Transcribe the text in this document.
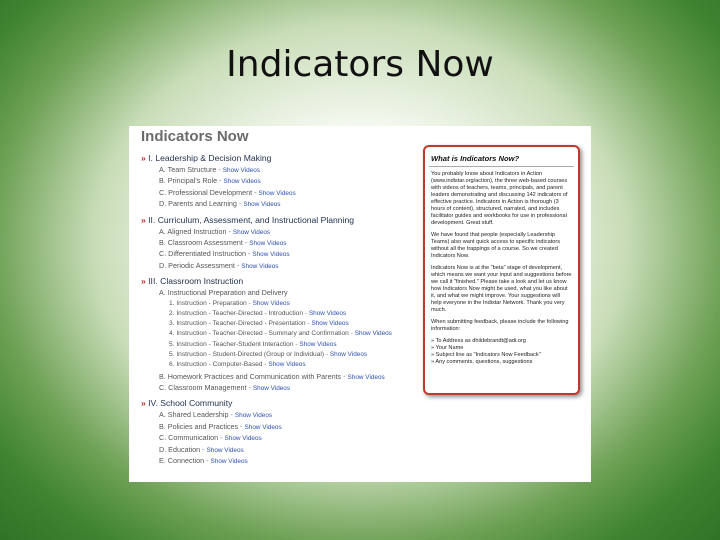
Indicators Now
Indicators Now
» I. Leadership & Decision Making
A. Team Structure - Show Videos
B. Principal's Role - Show Videos
C. Professional Development - Show Videos
D. Parents and Learning - Show Videos
» II. Curriculum, Assessment, and Instructional Planning
A. Aligned Instruction - Show Videos
B. Classroom Assessment - Show Videos
C. Differentiated Instruction - Show Videos
D. Periodic Assessment - Show Videos
» III. Classroom Instruction
A. Instructional Preparation and Delivery
1. Instruction - Preparation - Show Videos
2. Instruction - Teacher-Directed - Introduction - Show Videos
3. Instruction - Teacher-Directed - Presentation - Show Videos
4. Instruction - Teacher-Directed - Summary and Confirmation - Show Videos
5. Instruction - Teacher-Student Interaction - Show Videos
5. Instruction - Student-Directed (Group or Individual) - Show Videos
6. Instruction - Computer-Based - Show Videos
B. Homework Practices and Communication with Parents - Show Videos
C. Classroom Management - Show Videos
» IV. School Community
A. Shared Leadership - Show Videos
B. Policies and Practices - Show Videos
C. Communication - Show Videos
D. Education - Show Videos
E. Connection - Show Videos
What is Indicators Now?

You probably know about Indicators in Action (www.indistar.org/action), the three web-based courses with videos of teachers, teams, principals, and parent leaders demonstrating and discussing 142 indicators of effective practice. Indicators in Action is thorough (3 hours of content), structured, narrated, and includes facilitator guides and workbooks for use in professional development. Great stuff.

We have found that people (especially Leadership Teams) also want quick access to specific indicators without all the trappings of a course. So we created Indicators Now.

Indicators Now is at the "beta" stage of development, which means we want your input and suggestions before we call it "finished." Please take a look and let us know how Indicators Now might be used, what you like about it, and what we might improve. Your suggestions will help everyone in the Indistar Network. Thank you very much.

When submitting feedback, please include the following information:

» To Address as dhildebrandt@adi.org
» Your Name
» Subject line as "Indicators Now Feedback"
» Any comments, questions, suggestions
